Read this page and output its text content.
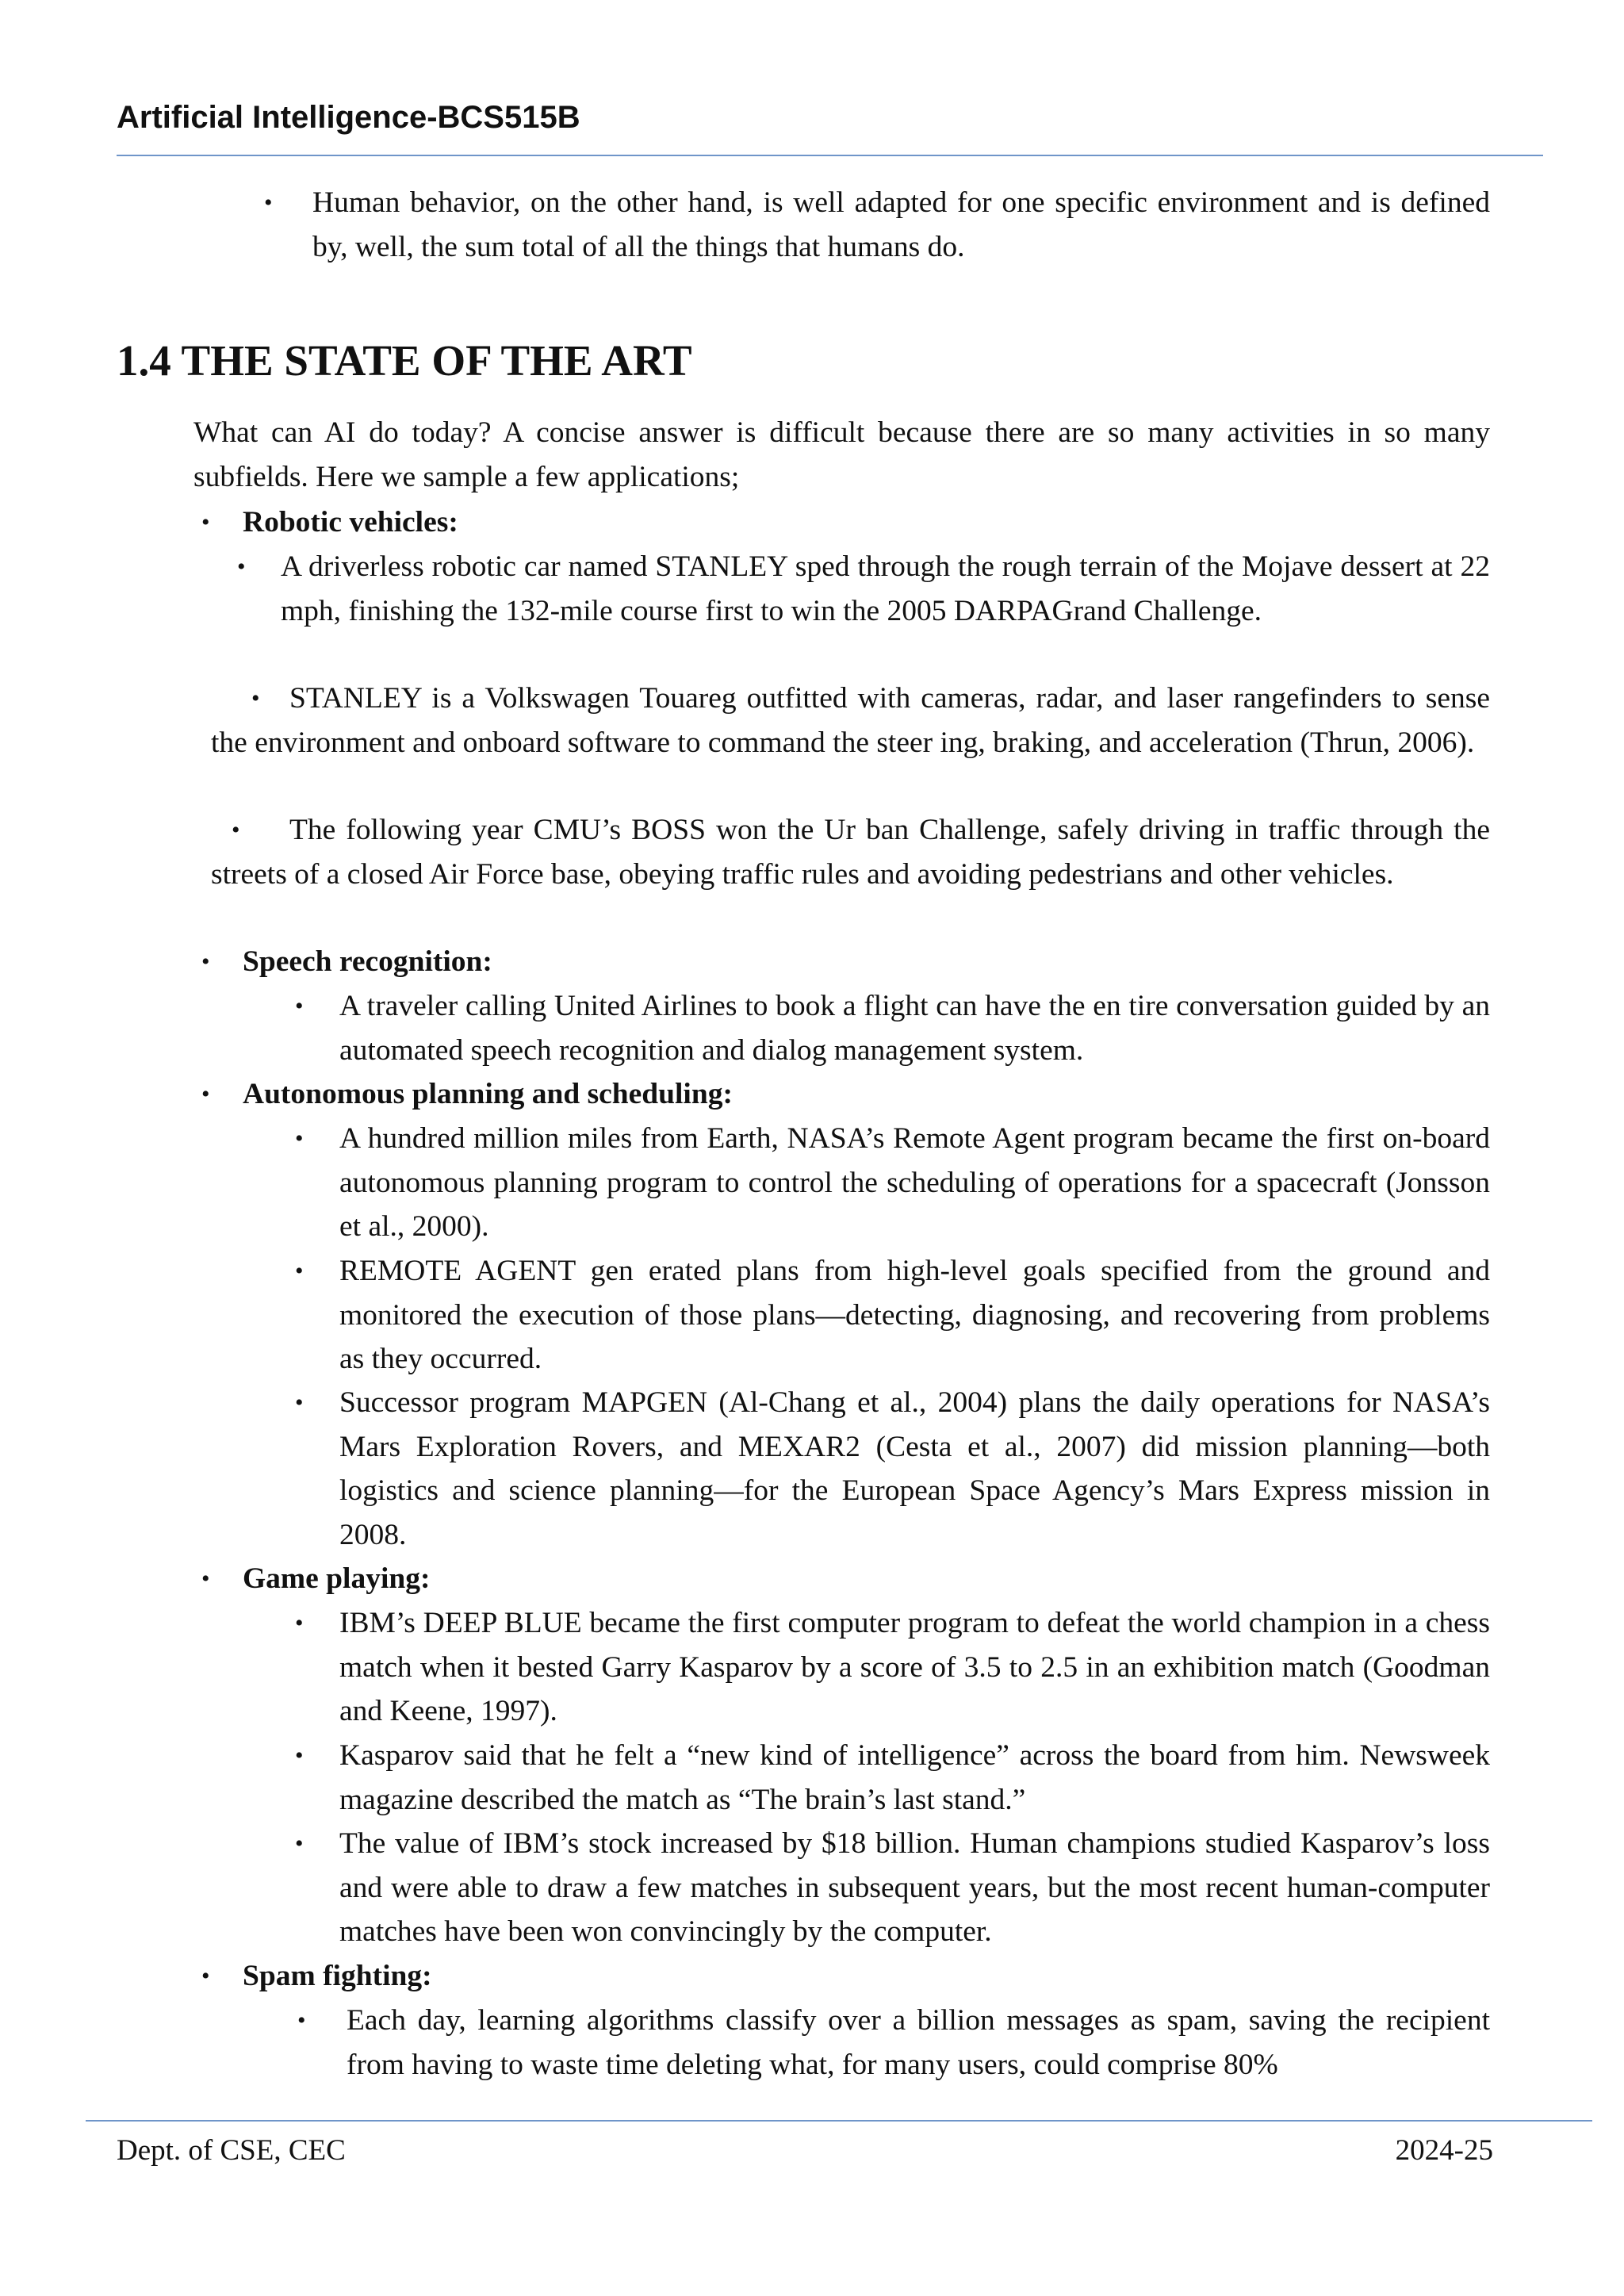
Artificial Intelligence-BCS515B
• Human behavior, on the other hand, is well adapted for one specific environment and is defined by, well, the sum total of all the things that humans do.

1.4 THE STATE OF THE ART

What can AI do today? A concise answer is difficult because there are so many activities in so many subfields. Here we sample a few applications;

• Robotic vehicles:
• A driverless robotic car named STANLEY sped through the rough terrain of the Mojave dessert at 22 mph, finishing the 132-mile course first to win the 2005 DARPAGrand Challenge.

• STANLEY is a Volkswagen Touareg outfitted with cameras, radar, and laser rangefinders to sense the environment and onboard software to command the steer ing, braking, and acceleration (Thrun, 2006).

•	The following year CMU’s BOSS won the Ur ban Challenge, safely driving in traffic through the streets of a closed Air Force base, obeying traffic rules and avoiding pedestrians and other vehicles.

• Speech recognition:
• A traveler calling United Airlines to book a flight can have the en tire conversation guided by an automated speech recognition and dialog management system.

• Autonomous planning and scheduling:
• A hundred million miles from Earth, NASA’s Remote Agent program became the first on-board autonomous planning program to control the scheduling of operations for a spacecraft (Jonsson et al., 2000).

• REMOTE AGENT gen erated plans from high-level goals specified from the ground and monitored the execution of those plans—detecting, diagnosing, and recovering from problems as they occurred.

• Successor program MAPGEN (Al-Chang et al., 2004) plans the daily operations for NASA’s Mars Exploration Rovers, and MEXAR2 (Cesta et al., 2007) did mission planning—both logistics and science planning—for the European Space Agency’s Mars Express mission in 2008.

• Game playing:
• IBM’s DEEP BLUE became the first computer program to defeat the world champion in a chess match when it bested Garry Kasparov by a score of 3.5 to 2.5 in an exhibition match (Goodman and Keene, 1997).

• Kasparov said that he felt a “new kind of intelligence” across the board from him. Newsweek magazine described the match as “The brain’s last stand.”

• The value of IBM’s stock increased by $18 billion. Human champions studied Kasparov’s loss and were able to draw a few matches in subsequent years, but the most recent human-computer matches have been won convincingly by the computer.

• Spam fighting:
• Each day, learning algorithms classify over a billion messages as spam, saving the recipient from having to waste time deleting what, for many users, could comprise 80%

Dept. of CSE, CEC	2024-25
